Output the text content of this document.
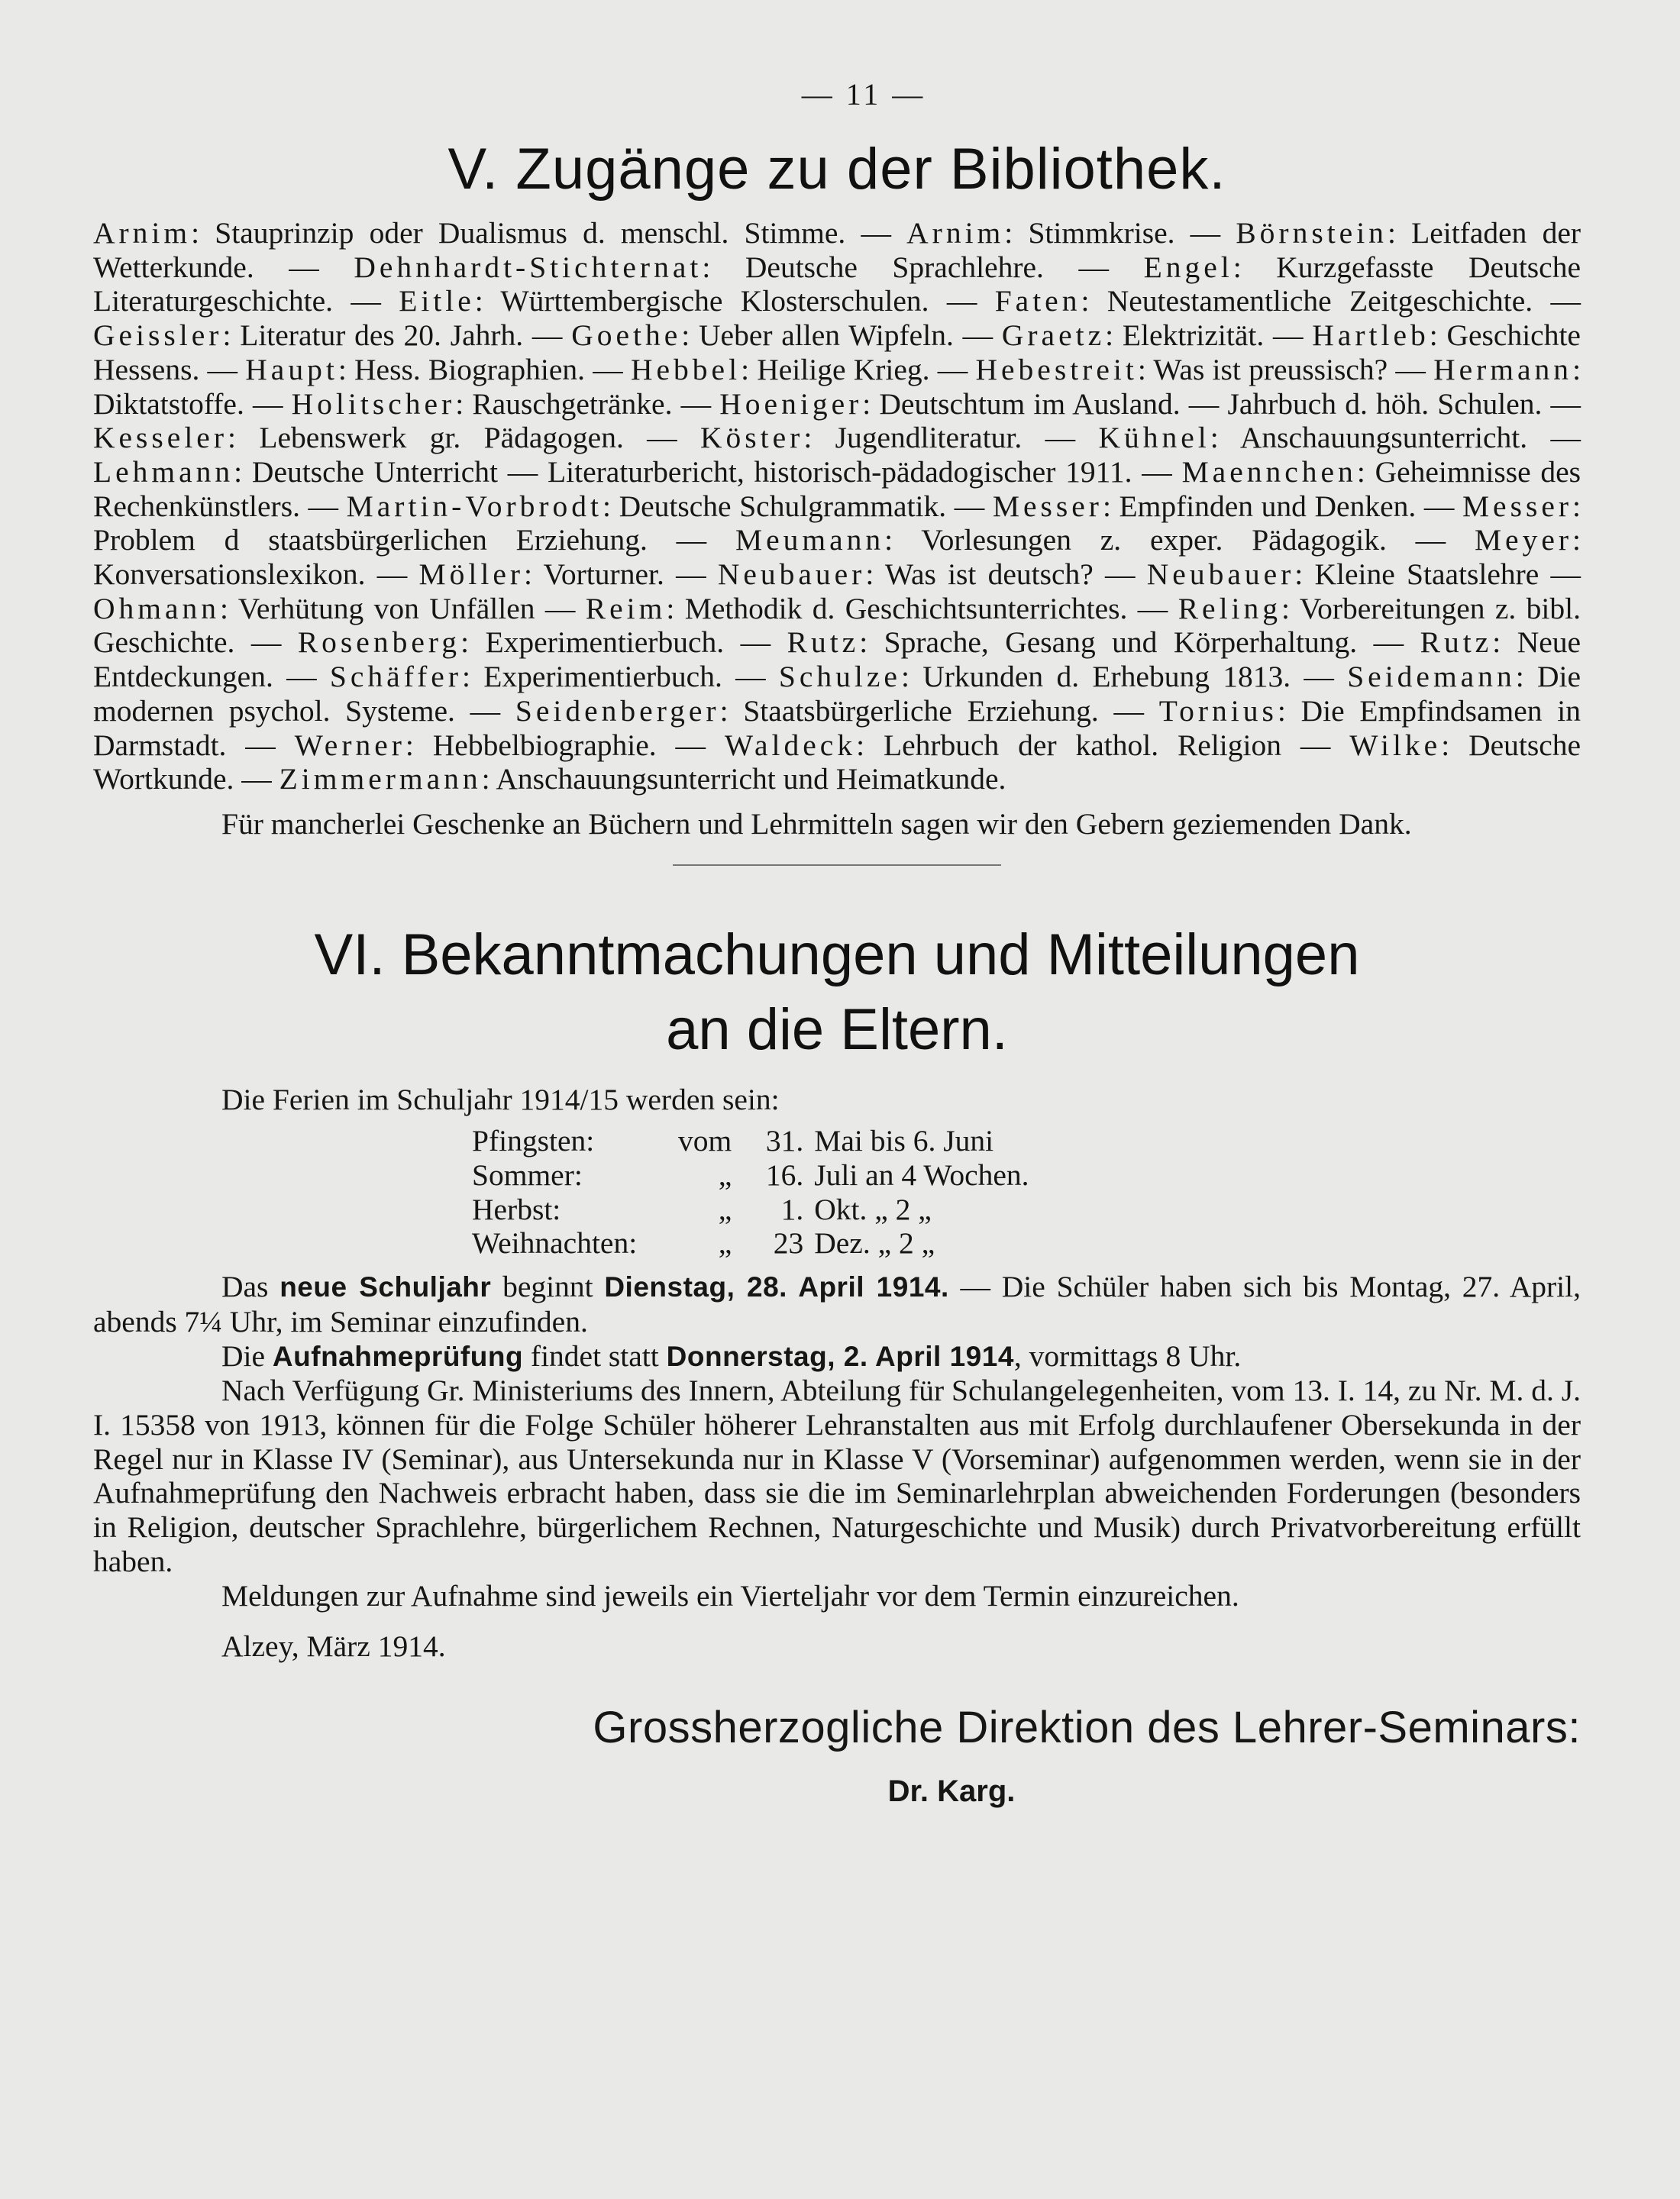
— 11 —
V. Zugänge zu der Bibliothek.
Arnim: Stauprinzip oder Dualismus d. menschl. Stimme. — Arnim: Stimmkrise. — Börnstein: Leitfaden der Wetterkunde. — Dehnhardt-Stichternat: Deutsche Sprachlehre. — Engel: Kurzgefasste Deutsche Literaturgeschichte. — Eitle: Württembergische Klosterschulen. — Faten: Neutestamentliche Zeitgeschichte. — Geissler: Literatur des 20. Jahrh. — Goethe: Ueber allen Wipfeln. — Graetz: Elektrizität. — Hartleb: Geschichte Hessens. — Haupt: Hess. Biographien. — Hebbel: Heilige Krieg. — Hebestreit: Was ist preussisch? — Hermann: Diktatstoffe. — Holitscher: Rauschgetränke. — Hoeniger: Deutschtum im Ausland. — Jahrbuch d. höh. Schulen. — Kesseler: Lebenswerk gr. Pädagogen. — Köster: Jugendliteratur. — Kühnel: Anschauungsunterricht. — Lehmann: Deutsche Unterricht — Literaturbericht, historisch-pädadogischer 1911. — Maennchen: Geheimnisse des Rechenkünstlers. — Martin-Vorbrodt: Deutsche Schulgrammatik. — Messer: Empfinden und Denken. — Messer: Problem d staatsbürgerlichen Erziehung. — Meumann: Vorlesungen z. exper. Pädagogik. — Meyer: Konversationslexikon. — Möller: Vorturner. — Neubauer: Was ist deutsch? — Neubauer: Kleine Staatslehre — Ohmann: Verhütung von Unfällen — Reim: Methodik d. Geschichtsunterrichtes. — Reling: Vorbereitungen z. bibl. Geschichte. — Rosenberg: Experimentierbuch. — Rutz: Sprache, Gesang und Körperhaltung. — Rutz: Neue Entdeckungen. — Schäffer: Experimentierbuch. — Schulze: Urkunden d. Erhebung 1813. — Seidemann: Die modernen psychol. Systeme. — Seidenberger: Staatsbürgerliche Erziehung. — Tornius: Die Empfindsamen in Darmstadt. — Werner: Hebbelbiographie. — Waldeck: Lehrbuch der kathol. Religion — Wilke: Deutsche Wortkunde. — Zimmermann: Anschauungsunterricht und Heimatkunde.
Für mancherlei Geschenke an Büchern und Lehrmitteln sagen wir den Gebern geziemenden Dank.
VI. Bekanntmachungen und Mitteilungen
an die Eltern.
Die Ferien im Schuljahr 1914/15 werden sein:
Pfingsten:	vom	31.	Mai bis 6. Juni
Sommer:	„	16.	Juli an 4 Wochen.
Herbst:	„	1.	Okt. „ 2 „
Weihnachten:	„	23	Dez. „ 2 „
Das neue Schuljahr beginnt Dienstag, 28. April 1914. — Die Schüler haben sich bis Montag, 27. April, abends 7¼ Uhr, im Seminar einzufinden.
Die Aufnahmeprüfung findet statt Donnerstag, 2. April 1914, vormittags 8 Uhr.
Nach Verfügung Gr. Ministeriums des Innern, Abteilung für Schulangelegenheiten, vom 13. I. 14, zu Nr. M. d. J. I. 15358 von 1913, können für die Folge Schüler höherer Lehranstalten aus mit Erfolg durchlaufener Obersekunda in der Regel nur in Klasse IV (Seminar), aus Untersekunda nur in Klasse V (Vorseminar) aufgenommen werden, wenn sie in der Aufnahmeprüfung den Nachweis erbracht haben, dass sie die im Seminarlehrplan abweichenden Forderungen (besonders in Religion, deutscher Sprachlehre, bürgerlichem Rechnen, Naturgeschichte und Musik) durch Privatvorbereitung erfüllt haben.
Meldungen zur Aufnahme sind jeweils ein Vierteljahr vor dem Termin einzureichen.
Alzey, März 1914.
Grossherzogliche Direktion des Lehrer-Seminars:
Dr. Karg.
